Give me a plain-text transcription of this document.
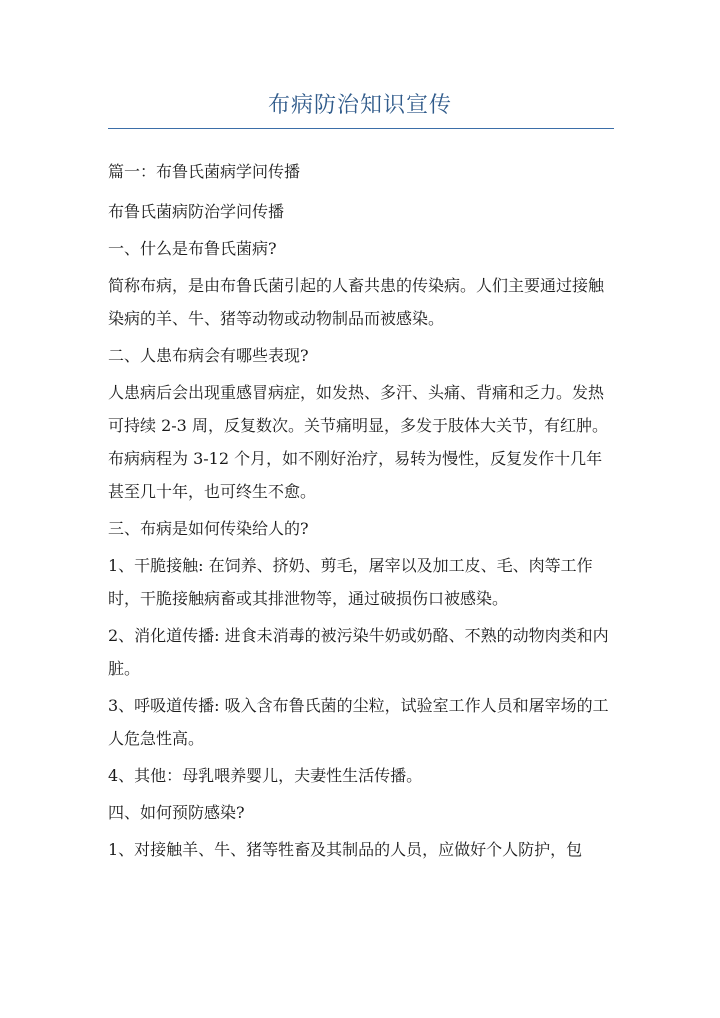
布病防治知识宣传

篇一：布鲁氏菌病学问传播

布鲁氏菌病防治学问传播

一、什么是布鲁氏菌病?

简称布病，是由布鲁氏菌引起的人畜共患的传染病。人们主要通过接触染病的羊、牛、猪等动物或动物制品而被感染。

二、人患布病会有哪些表现?

人患病后会出现重感冒病症，如发热、多汗、头痛、背痛和乏力。发热可持续 2-3 周，反复数次。关节痛明显，多发于肢体大关节，有红肿。布病病程为 3-12 个月，如不刚好治疗，易转为慢性，反复发作十几年甚至几十年，也可终生不愈。

三、布病是如何传染给人的?

1、干脆接触: 在饲养、挤奶、剪毛，屠宰以及加工皮、毛、肉等工作时，干脆接触病畜或其排泄物等，通过破损伤口被感染。

2、消化道传播: 进食未消毒的被污染牛奶或奶酪、不熟的动物肉类和内脏。

3、呼吸道传播: 吸入含布鲁氏菌的尘粒，试验室工作人员和屠宰场的工人危急性高。

4、其他：母乳喂养婴儿，夫妻性生活传播。

四、如何预防感染?

1、对接触羊、牛、猪等牲畜及其制品的人员，应做好个人防护，包
